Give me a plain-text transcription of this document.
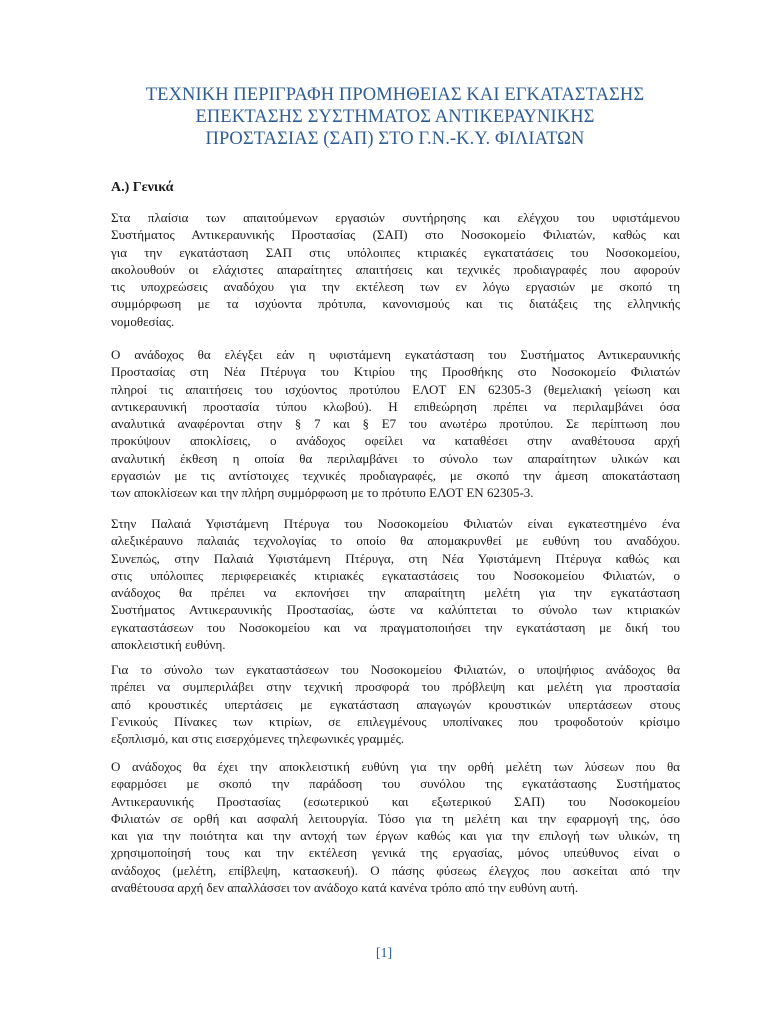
ΤΕΧΝΙΚΗ ΠΕΡΙΓΡΑΦΗ ΠΡΟΜΗΘΕΙΑΣ ΚΑΙ ΕΓΚΑΤΑΣΤΑΣΗΣ
ΕΠΕΚΤΑΣΗΣ ΣΥΣΤΗΜΑΤΟΣ ΑΝΤΙΚΕΡΑΥΝΙΚΗΣ
ΠΡΟΣΤΑΣΙΑΣ (ΣΑΠ) ΣΤΟ Γ.Ν.-Κ.Υ. ΦΙΛΙΑΤΩΝ
Α.) Γενικά
Στα πλαίσια των απαιτούμενων εργασιών συντήρησης και ελέγχου του υφιστάμενου
Συστήματος Αντικεραυνικής Προστασίας (ΣΑΠ) στο Νοσοκομείο Φιλιατών, καθώς και
για την εγκατάσταση ΣΑΠ στις υπόλοιπες κτιριακές εγκατατάσεις του Νοσοκομείου,
ακολουθούν οι ελάχιστες απαραίτητες απαιτήσεις και τεχνικές προδιαγραφές που αφορούν
τις υποχρεώσεις αναδόχου για την εκτέλεση των εν λόγω εργασιών με σκοπό τη
συμμόρφωση με τα ισχύοντα πρότυπα, κανονισμούς και τις διατάξεις της ελληνικής
νομοθεσίας.
Ο ανάδοχος θα ελέγξει εάν η υφιστάμενη εγκατάσταση του Συστήματος Αντικεραυνικής
Προστασίας στη Νέα Πτέρυγα του Κτιρίου της Προσθήκης στο Νοσοκομείο Φιλιατών
πληροί τις απαιτήσεις του ισχύοντος προτύπου ΕΛΟΤ ΕΝ 62305-3 (θεμελιακή γείωση και
αντικεραυνική προστασία τύπου κλωβού). Η επιθεώρηση πρέπει να περιλαμβάνει όσα
αναλυτικά αναφέρονται στην § 7 και § Ε7 του ανωτέρω προτύπου. Σε περίπτωση που
προκύψουν αποκλίσεις, ο ανάδοχος οφείλει να καταθέσει στην αναθέτουσα αρχή
αναλυτική έκθεση η οποία θα περιλαμβάνει το σύνολο των απαραίτητων υλικών και
εργασιών με τις αντίστοιχες τεχνικές προδιαγραφές, με σκοπό την άμεση αποκατάσταση
των αποκλίσεων και την πλήρη συμμόρφωση με το πρότυπο ΕΛΟΤ ΕΝ 62305-3.
Στην Παλαιά Υφιστάμενη Πτέρυγα του Νοσοκομείου Φιλιατών είναι εγκατεστημένο ένα
αλεξικέραυνο παλαιάς τεχνολογίας το οποίο θα απομακρυνθεί με ευθύνη του αναδόχου.
Συνεπώς, στην Παλαιά Υφιστάμενη Πτέρυγα, στη Νέα Υφιστάμενη Πτέρυγα καθώς και
στις υπόλοιπες περιφερειακές κτιριακές εγκαταστάσεις του Νοσοκομείου Φιλιατών, ο
ανάδοχος θα πρέπει να εκπονήσει την απαραίτητη μελέτη για την εγκατάσταση
Συστήματος Αντικεραυνικής Προστασίας, ώστε να καλύπτεται το σύνολο των κτιριακών
εγκαταστάσεων του Νοσοκομείου και να πραγματοποιήσει την εγκατάσταση με δική του
αποκλειστική ευθύνη.
Για το σύνολο των εγκαταστάσεων του Νοσοκομείου Φιλιατών, ο υποψήφιος ανάδοχος θα
πρέπει να συμπεριλάβει στην τεχνική προσφορά του πρόβλεψη και μελέτη για προστασία
από κρουστικές υπερτάσεις με εγκατάσταση απαγωγών κρουστικών υπερτάσεων στους
Γενικούς Πίνακες των κτιρίων, σε επιλεγμένους υποπίνακες που τροφοδοτούν κρίσιμο
εξοπλισμό, και στις εισερχόμενες τηλεφωνικές γραμμές.
Ο ανάδοχος θα έχει την αποκλειστική ευθύνη για την ορθή μελέτη των λύσεων που θα
εφαρμόσει με σκοπό την παράδοση του συνόλου της εγκατάστασης Συστήματος
Αντικεραυνικής Προστασίας (εσωτερικού και εξωτερικού ΣΑΠ) του Νοσοκομείου
Φιλιατών σε ορθή και ασφαλή λειτουργία. Τόσο για τη μελέτη και την εφαρμογή της, όσο
και για την ποιότητα και την αντοχή των έργων καθώς και για την επιλογή των υλικών, τη
χρησιμοποίησή τους και την εκτέλεση γενικά της εργασίας, μόνος υπεύθυνος είναι ο
ανάδοχος (μελέτη, επίβλεψη, κατασκευή). Ο πάσης φύσεως έλεγχος που ασκείται από την
αναθέτουσα αρχή δεν απαλλάσσει τον ανάδοχο κατά κανένα τρόπο από την ευθύνη αυτή.
[1]
